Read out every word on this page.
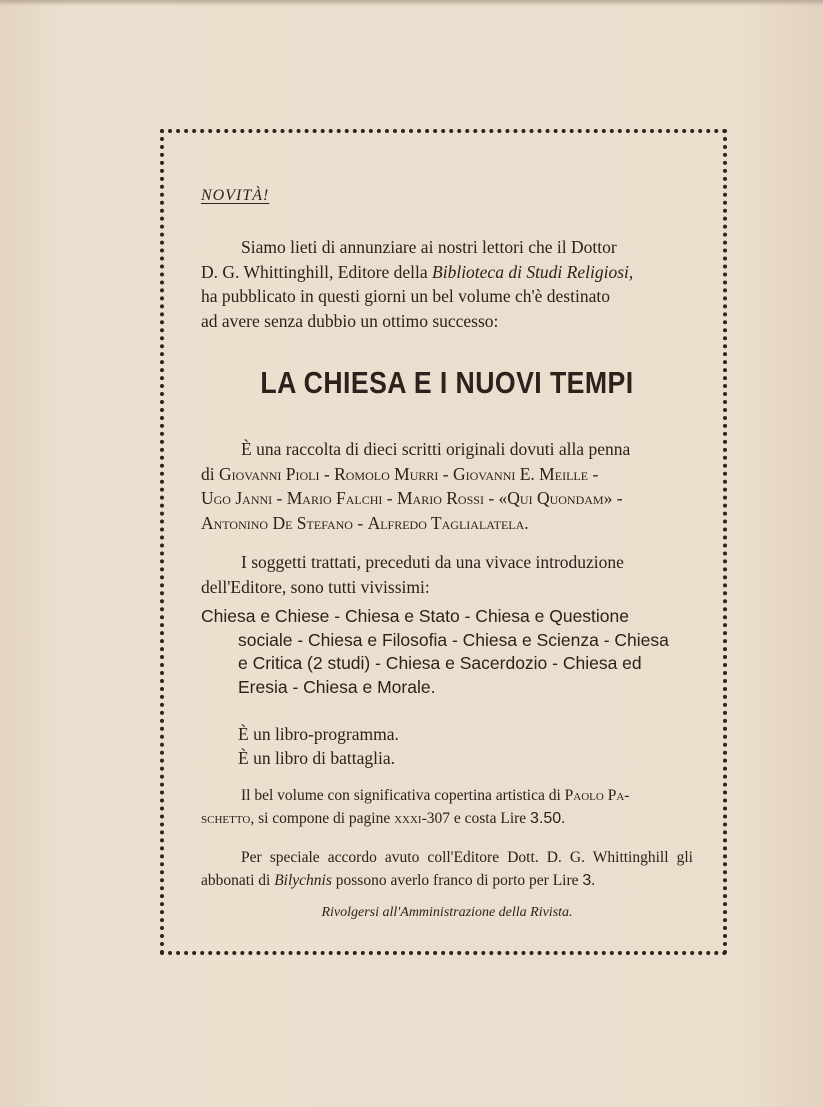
NOVITÀ!
Siamo lieti di annunziare ai nostri lettori che il Dottor
D. G. Whittinghill, Editore della Biblioteca di Studi Religiosi,
ha pubblicato in questi giorni un bel volume ch'è destinato
ad avere senza dubbio un ottimo successo:
LA CHIESA E I NUOVI TEMPI
È una raccolta di dieci scritti originali dovuti alla penna
di Giovanni Pioli - Romolo Murri - Giovanni E. Meille -
Ugo Janni - Mario Falchi - Mario Rossi - «Qui Quondam» -
Antonino De Stefano - Alfredo Taglialatela.
I soggetti trattati, preceduti da una vivace introduzione
dell'Editore, sono tutti vivissimi:
Chiesa e Chiese - Chiesa e Stato - Chiesa e Questione
sociale - Chiesa e Filosofia - Chiesa e Scienza - Chiesa
e Critica (2 studi) - Chiesa e Sacerdozio - Chiesa ed
Eresia - Chiesa e Morale.
È un libro-programma.
È un libro di battaglia.
Il bel volume con significativa copertina artistica di Paolo Pa-
schetto, si compone di pagine xxxi-307 e costa Lire 3.50.
Per speciale accordo avuto coll'Editore Dott. D. G. Whittinghill gli abbonati di Bilychnis possono averlo franco di porto per Lire 3.
Rivolgersi all'Amministrazione della Rivista.
